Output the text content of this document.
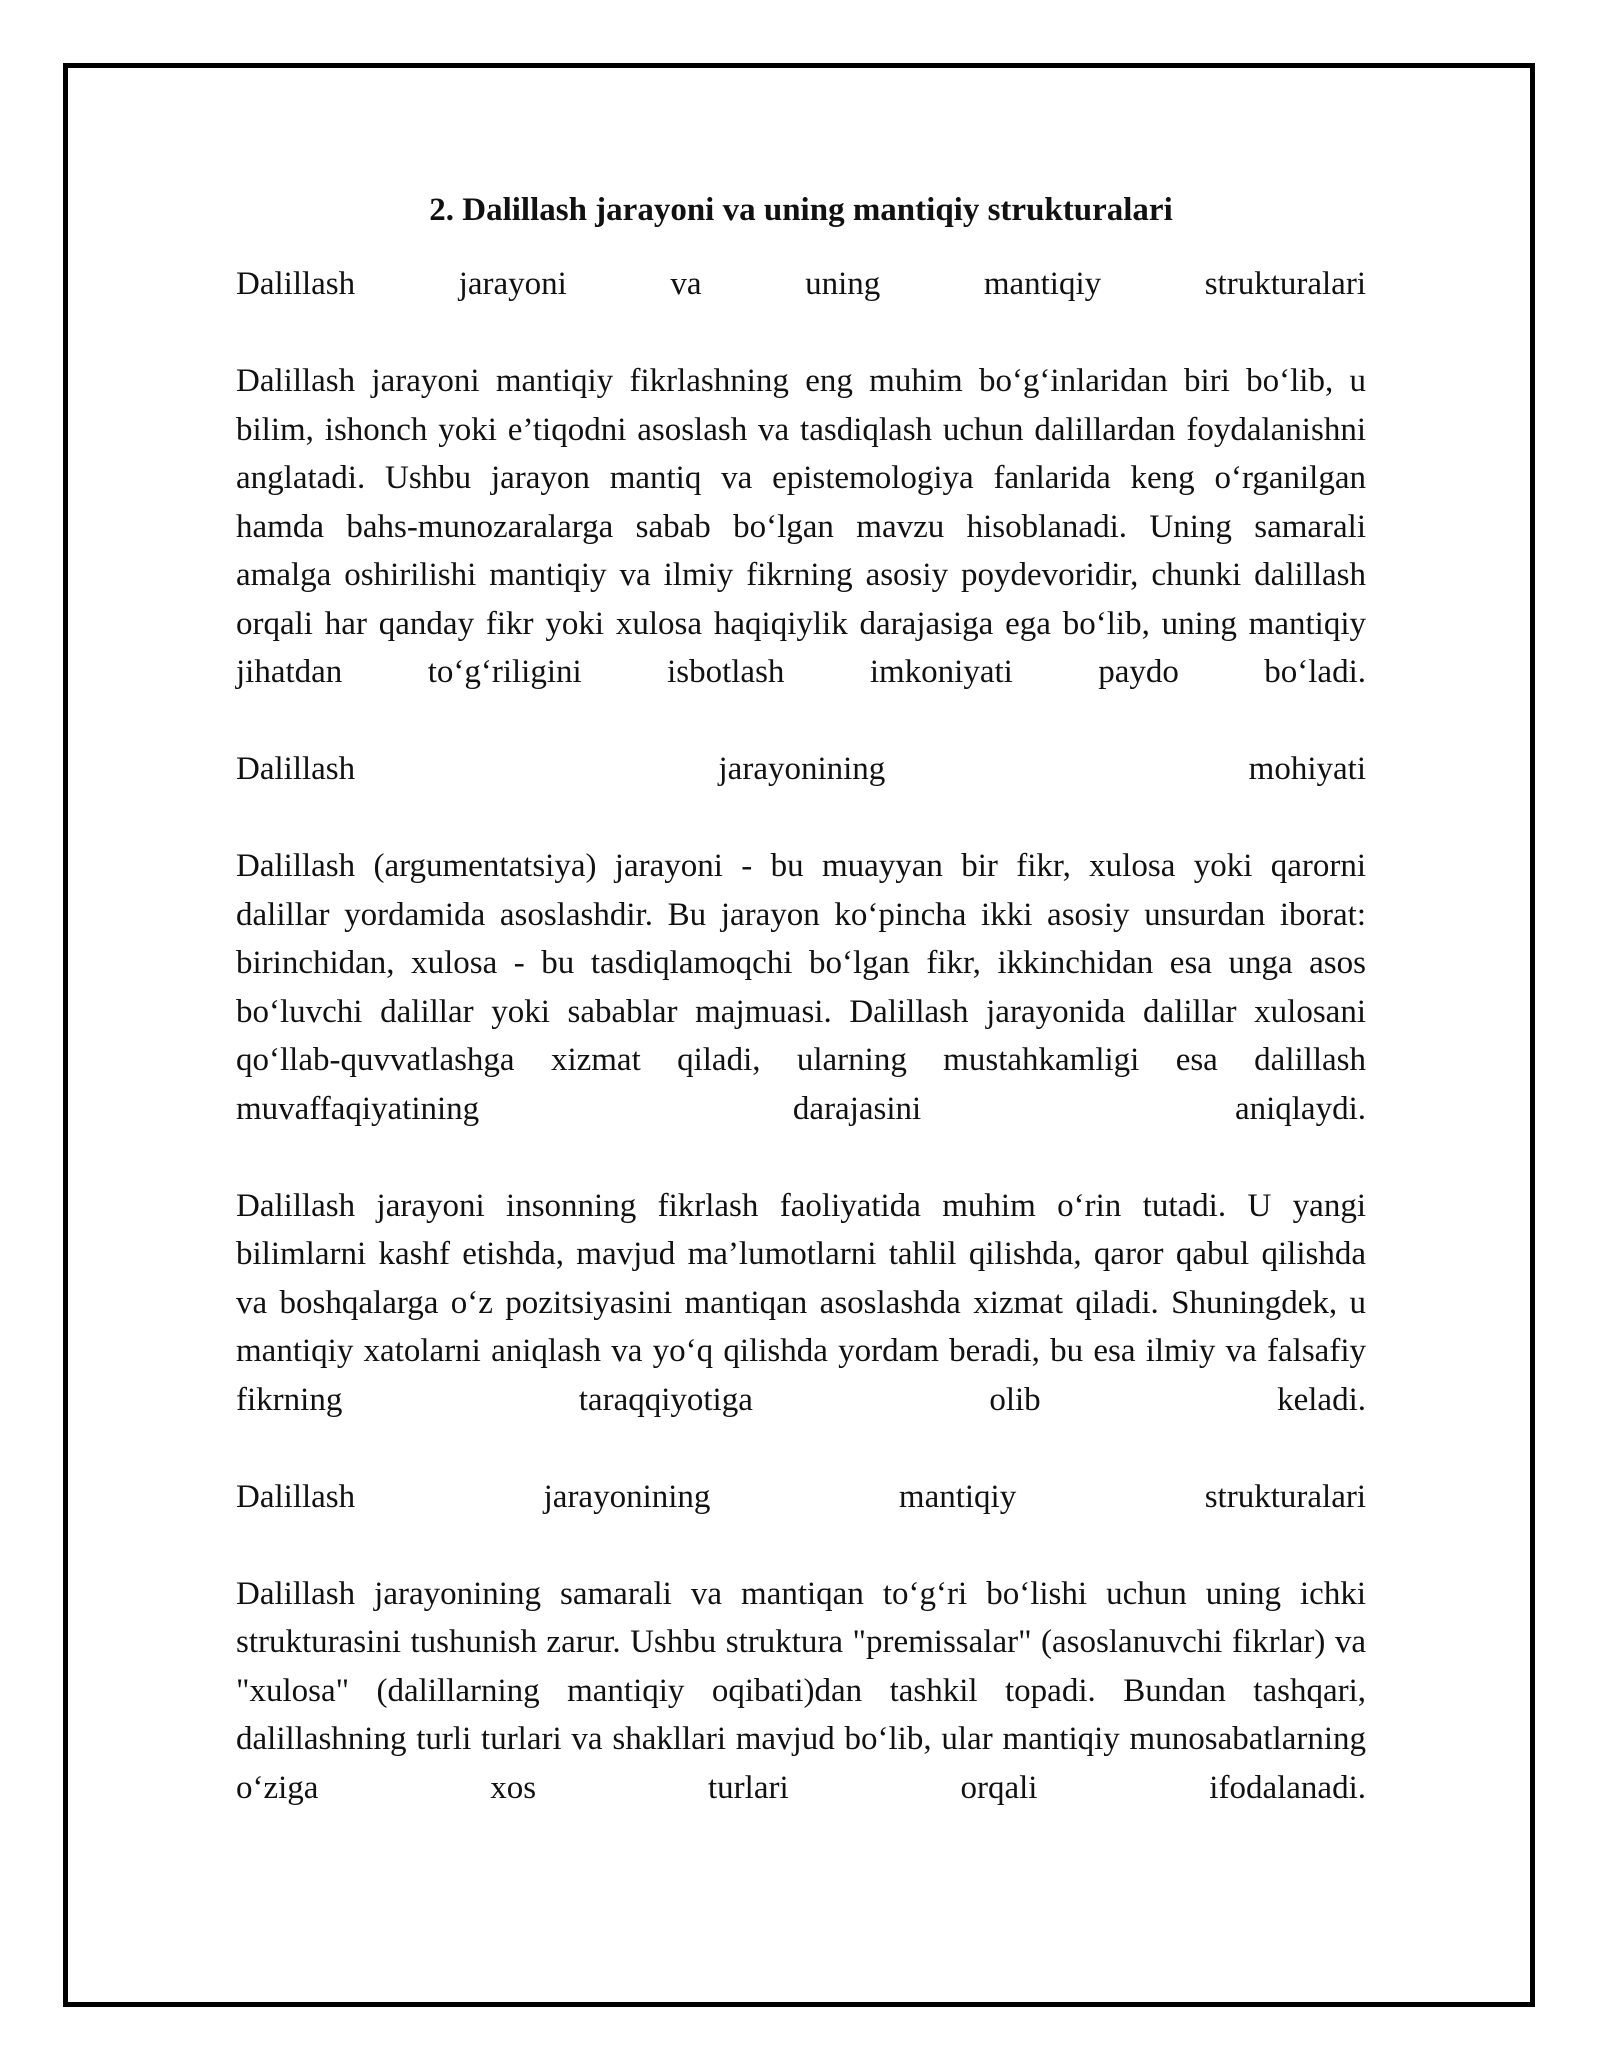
2. Dalillash jarayoni va uning mantiqiy strukturalari

Dalillash jarayoni va uning mantiqiy strukturalari

Dalillash jarayoni mantiqiy fikrlashning eng muhim bo‘g‘inlaridan biri bo‘lib, u bilim, ishonch yoki e’tiqodni asoslash va tasdiqlash uchun dalillardan foydalanishni anglatadi. Ushbu jarayon mantiq va epistemologiya fanlarida keng o‘rganilgan hamda bahs-munozaralarga sabab bo‘lgan mavzu hisoblanadi. Uning samarali amalga oshirilishi mantiqiy va ilmiy fikrning asosiy poydevoridir, chunki dalillash orqali har qanday fikr yoki xulosa haqiqiylik darajasiga ega bo‘lib, uning mantiqiy jihatdan to‘g‘riligini isbotlash imkoniyati paydo bo‘ladi.

Dalillash jarayonining mohiyati

Dalillash (argumentatsiya) jarayoni - bu muayyan bir fikr, xulosa yoki qarorni dalillar yordamida asoslashdir. Bu jarayon ko‘pincha ikki asosiy unsurdan iborat: birinchidan, xulosa - bu tasdiqlamoqchi bo‘lgan fikr, ikkinchidan esa unga asos bo‘luvchi dalillar yoki sabablar majmuasi. Dalillash jarayonida dalillar xulosani qo‘llab-quvvatlashga xizmat qiladi, ularning mustahkamligi esa dalillash muvaffaqiyatining darajasini aniqlaydi.

Dalillash jarayoni insonning fikrlash faoliyatida muhim o‘rin tutadi. U yangi bilimlarni kashf etishda, mavjud ma’lumotlarni tahlil qilishda, qaror qabul qilishda va boshqalarga o‘z pozitsiyasini mantiqan asoslashda xizmat qiladi. Shuningdek, u mantiqiy xatolarni aniqlash va yo‘q qilishda yordam beradi, bu esa ilmiy va falsafiy fikrning taraqqiyotiga olib keladi.

Dalillash jarayonining mantiqiy strukturalari

Dalillash jarayonining samarali va mantiqan to‘g‘ri bo‘lishi uchun uning ichki strukturasini tushunish zarur. Ushbu struktura "premissalar" (asoslanuvchi fikrlar) va "xulosa" (dalillarning mantiqiy oqibati)dan tashkil topadi. Bundan tashqari, dalillashning turli turlari va shakllari mavjud bo‘lib, ular mantiqiy munosabatlarning o‘ziga xos turlari orqali ifodalanadi.
